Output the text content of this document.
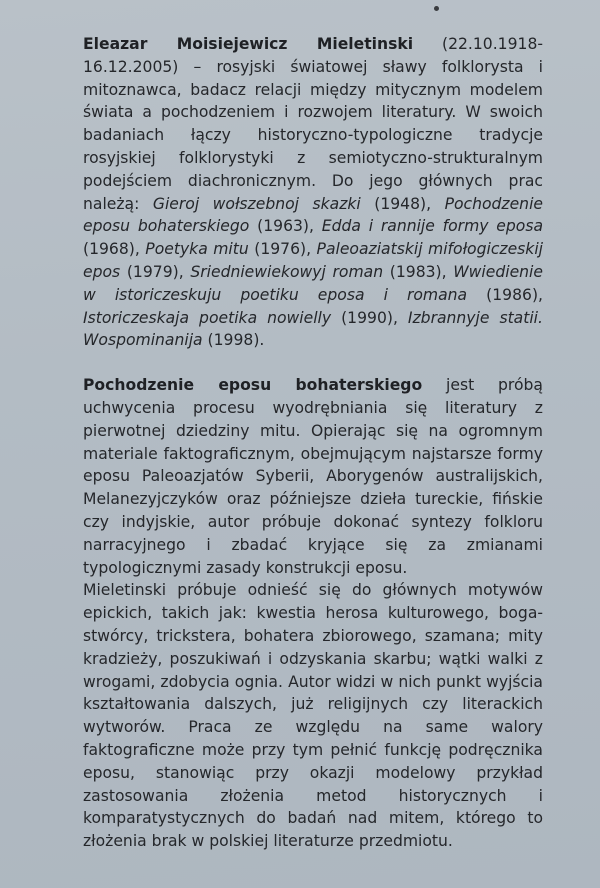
Eleazar Moisiejewicz Mieletinski (22.10.1918-16.12.2005) – rosyjski światowej sławy folklorysta i mitoznawca, badacz relacji między mitycznym modelem świata a pochodzeniem i rozwojem literatury. W swoich badaniach łączy historyczno-typologiczne tradycje rosyjskiej folklorystyki z semiotyczno-strukturalnym podejściem diachronicznym. Do jego głównych prac należą: Gieroj wołszebnoj skazki (1948), Pochodzenie eposu bohaterskiego (1963), Edda i rannije formy eposa (1968), Poetyka mitu (1976), Paleoaziatskij mifołogiczeskij epos (1979), Sriedniewiekowyj roman (1983), Wwiedienie w istoriczeskuju poetiku eposa i romana (1986), Istoriczeskaja poetika nowielly (1990), Izbrannyje statii. Wospominanija (1998).

Pochodzenie eposu bohaterskiego jest próbą uchwycenia procesu wyodrębniania się literatury z pierwotnej dziedziny mitu. Opierając się na ogromnym materiale faktograficznym, obejmującym najstarsze formy eposu Paleoazjatów Syberii, Aborygenów australijskich, Melanezyjczyków oraz późniejsze dzieła tureckie, fińskie czy indyjskie, autor próbuje dokonać syntezy folkloru narracyjnego i zbadać kryjące się za zmianami typologicznymi zasady konstrukcji eposu.

Mieletinski próbuje odnieść się do głównych motywów epickich, takich jak: kwestia herosa kulturowego, boga-stwórcy, trickstera, bohatera zbiorowego, szamana; mity kradzieży, poszukiwań i odzyskania skarbu; wątki walki z wrogami, zdobycia ognia. Autor widzi w nich punkt wyjścia kształtowania dalszych, już religijnych czy literackich wytworów. Praca ze względu na same walory faktograficzne może przy tym pełnić funkcję podręcznika eposu, stanowiąc przy okazji modelowy przykład zastosowania złożenia metod historycznych i komparatystycznych do badań nad mitem, którego to złożenia brak w polskiej literaturze przedmiotu.
